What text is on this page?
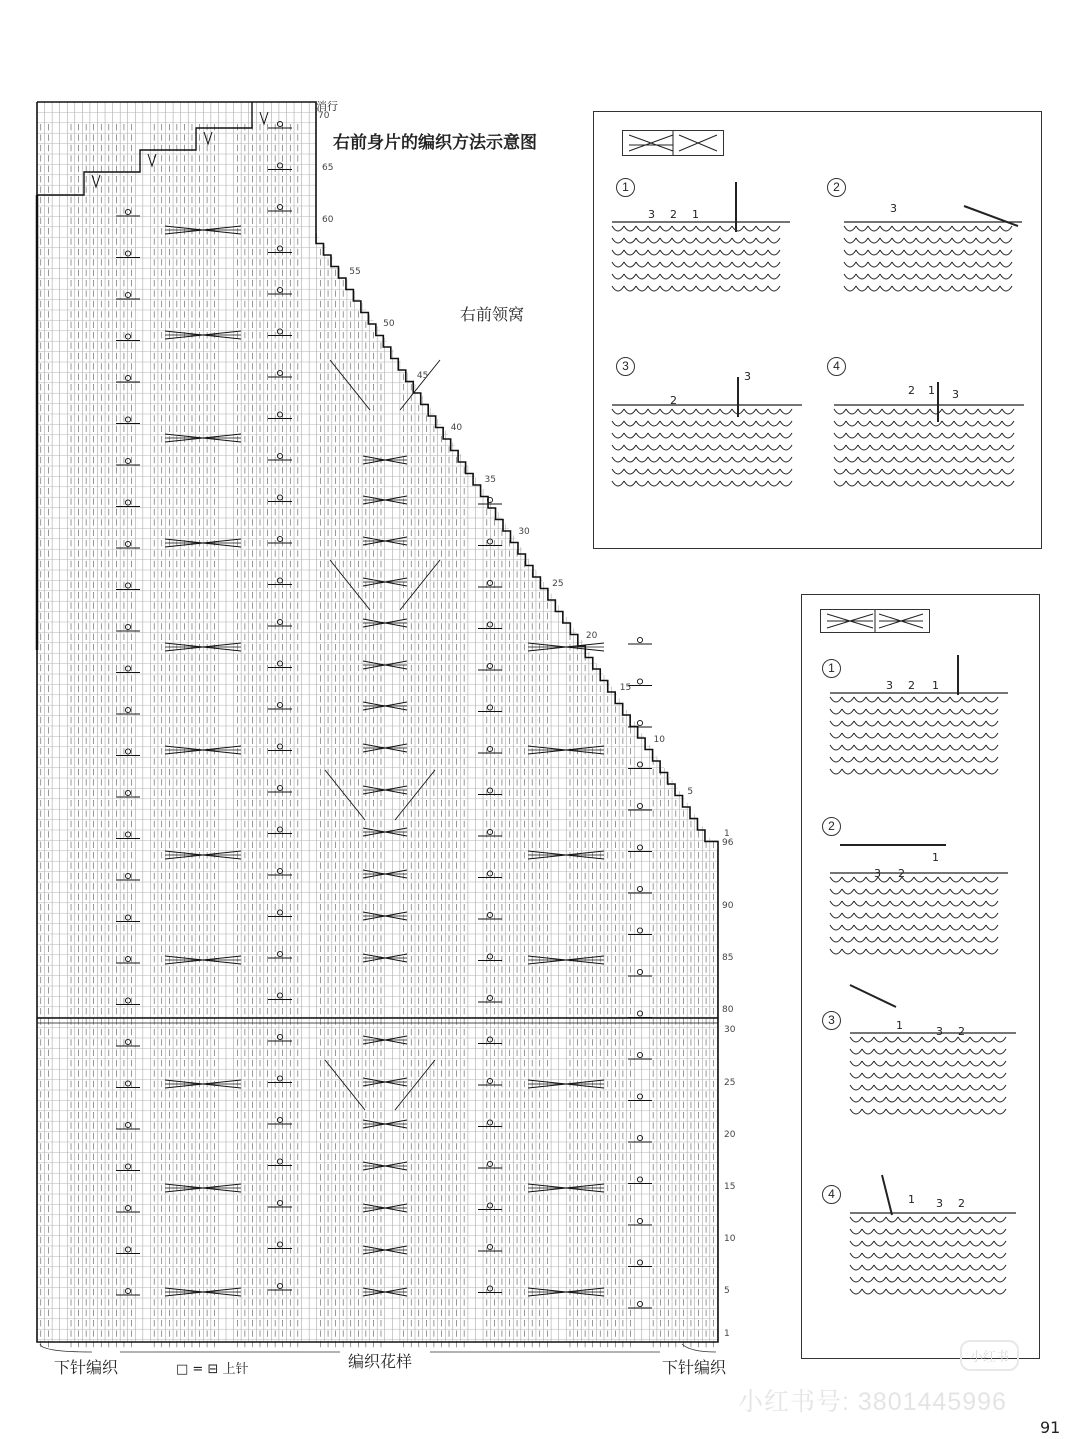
70
65
60
55
50
45
40
35
30
25
20
15
10
5
1
96
90
85
80
30
25
20
15
10
5
1
右前身片的编织方法示意图
右前领窝
消行
下针编织	编织花样	下针编织
□ = ⊟ 上针
1	2
3	4
3 2 1	3
2
3
2 1 3
1
2
3
4
3 2 1
3 2
1
1	3 2
1 3 2
小红书
小红书号: 3801445996
91
